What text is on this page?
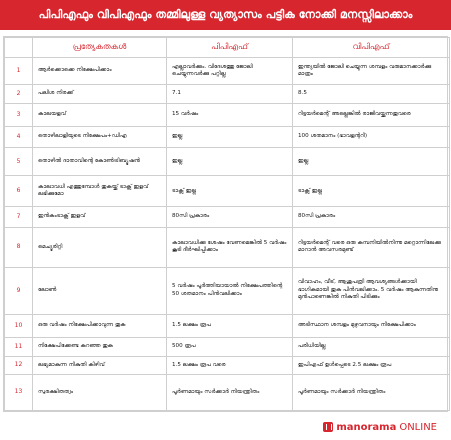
പിപിഎഫും വിപിഎഫും തമ്മിലുള്ള വ്യത്യാസം പട്ടിക നോക്കി മനസ്സിലാക്കാം
	പ്രത്യേകതകൾ	പിപിഎഫ്	വിപിഎഫ്
1	ആർക്കൊക്കെ നിക്ഷേപിക്കാം	എല്ലാവർക്കും. വിദേശത്തു ജോലി ചെയ്യുന്നവർക്കു പറ്റില്ല	ഇന്ത്യയിൽ ജോലി ചെയ്യുന്ന ശമ്പളം വരുമാനക്കാർക്കു മാത്രം
2	പലിശ നിരക്ക്	7.1	8.5
3	കാലയളവ്	15 വർഷം	റിട്ടയർമെന്റ് അല്ലെങ്കിൽ രാജിവയ്ക്കുന്നതുവരെ
4	തൊഴിലാളിയുടെ നിക്ഷേപം+ഡിഎ	ഇല്ല	100 ശതമാനം (ഭാവളന്ററി)
5	തൊഴിൽ ദാതാവിന്റെ കോൺട്രിബ്യൂഷൻ	ഇല്ല	ഇല്ല
6	കാലാവധി എത്തുമ്പോൾ തുകയ്ക്ക് ടാക്സ് ഇളവ് ലഭിക്കുമോ	ടാക്സ് ഇല്ല	ടാക്സ് ഇല്ല
7	ഇൻകംടാക്സ് ഇളവ്	80സി പ്രകാരം	80സി പ്രകാരം
8	മെച്യൂരിറ്റി	കാലാവധിക്കു ശേഷം വേണമെങ്കിൽ 5 വർഷം കൂടി ദീർഘിപ്പിക്കാം	റിട്ടയർമെന്റ് വരെ ഒരു കമ്പനിയിൽനിന്നു മറ്റൊന്നിലേക്കു മാറാൻ അവസരമുണ്ട്
9	ലോൺ	5 വർഷം പൂർത്തിയായാൽ നിക്ഷേപത്തിന്റെ 50 ശതമാനം പിൻവലിക്കാം	വിവാഹം, വീട്, ആശുപത്രി ആവശ്യങ്ങൾക്കായി ഭാഗികമായി തുക പിൻവലിക്കാം. 5 വർഷം ആകുന്നതിനു മുൻപാണെങ്കിൽ നികുതി പിടിക്കും
10	ഒരു വർഷം നിക്ഷേപിക്കാവുന്ന തുക	1.5 ലക്ഷം രൂപ	അടിസ്ഥാന ശമ്പളം മുഴുവനായും നിക്ഷേപിക്കാം
11	നിക്ഷേപിക്കേണ്ട കുറഞ്ഞ തുക	500 രൂപ	പരിധിയില്ല
12	ലഭ്യമാകുന്ന നികുതി കിഴിവ്	1.5 ലക്ഷം രൂപ വരെ	ഇപിഎഫ് ഉൾപ്പെടെ 2.5 ലക്ഷം രൂപ
13	സുരക്ഷിതത്വം	പൂർണമായും സർക്കാർ നിയന്ത്രിതം	പൂർണമായും സർക്കാർ നിയന്ത്രിതം
manorama ONLINE
